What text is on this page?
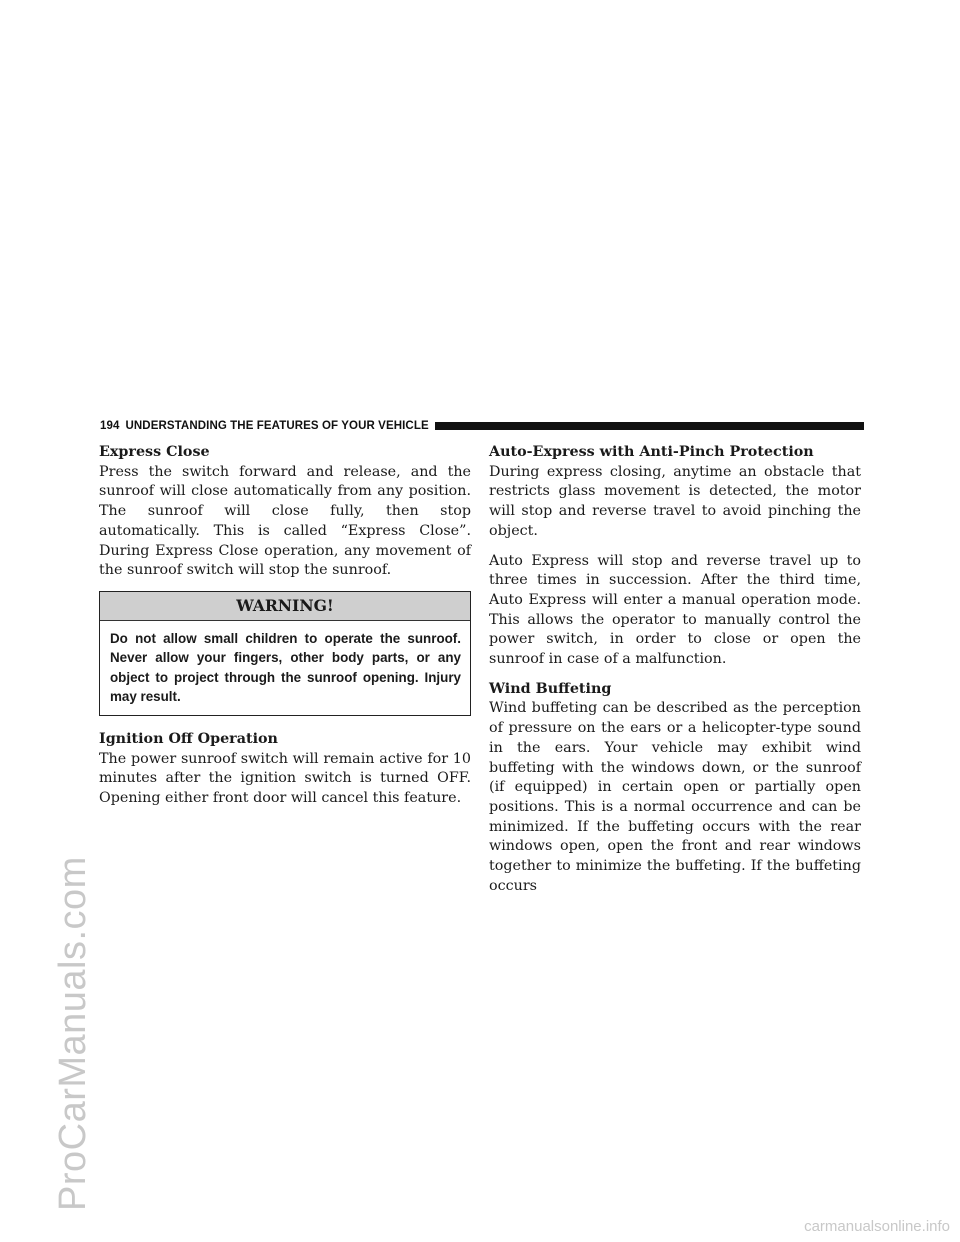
ProCarManuals.com
carmanualsonline.info
194 UNDERSTANDING THE FEATURES OF YOUR VEHICLE
Express Close

Press the switch forward and release, and the sunroof will close automatically from any position. The sunroof will close fully, then stop automatically. This is called “Express Close”. During Express Close operation, any movement of the sunroof switch will stop the sunroof.

WARNING!
Do not allow small children to operate the sunroof. Never allow your fingers, other body parts, or any object to project through the sunroof opening. Injury may result.
Ignition Off Operation

The power sunroof switch will remain active for 10 minutes after the ignition switch is turned OFF. Opening either front door will cancel this feature.

Auto-Express with Anti-Pinch Protection

During express closing, anytime an obstacle that restricts glass movement is detected, the motor will stop and reverse travel to avoid pinching the object.

Auto Express will stop and reverse travel up to three times in succession. After the third time, Auto Express will enter a manual operation mode. This allows the operator to manually control the power switch, in order to close or open the sunroof in case of a malfunction.

Wind Buffeting

Wind buffeting can be described as the perception of pressure on the ears or a helicopter-type sound in the ears. Your vehicle may exhibit wind buffeting with the windows down, or the sunroof (if equipped) in certain open or partially open positions. This is a normal occurrence and can be minimized. If the buffeting occurs with the rear windows open, open the front and rear windows together to minimize the buffeting. If the buffeting occurs
